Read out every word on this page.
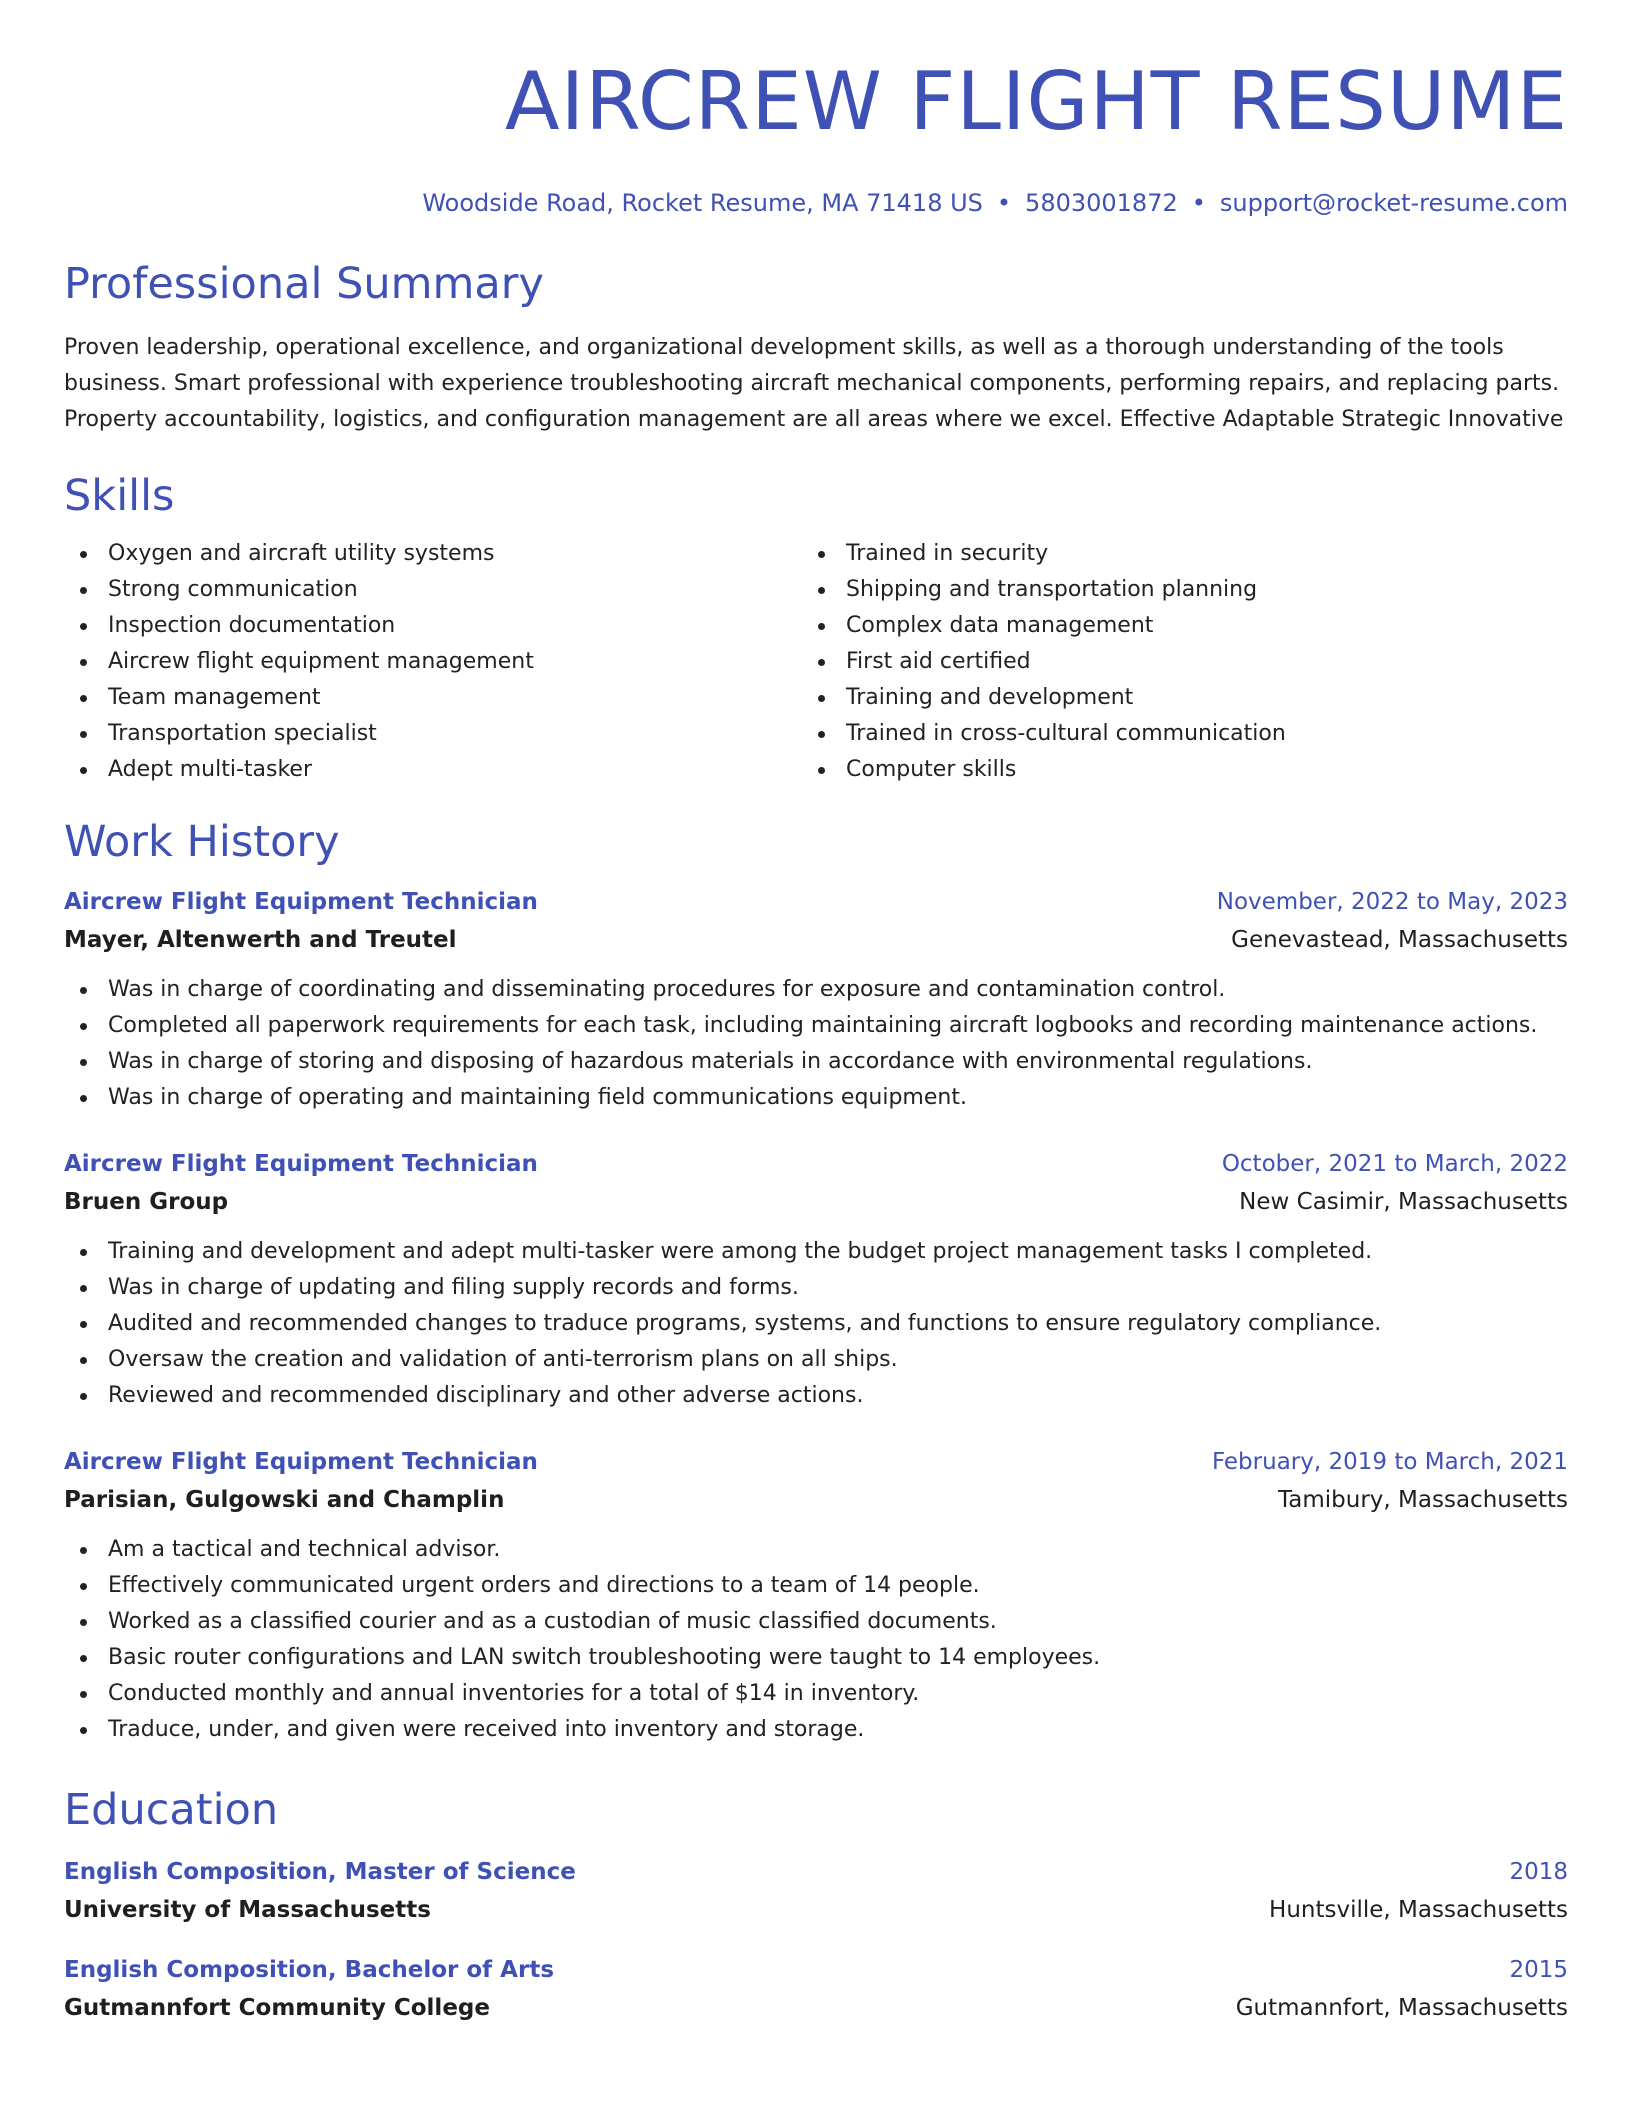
AIRCREW FLIGHT RESUME
Woodside Road, Rocket Resume, MA 71418 US • 5803001872 • support@rocket-resume.com
Professional Summary

Proven leadership, operational excellence, and organizational development skills, as well as a thorough understanding of the tools business. Smart professional with experience troubleshooting aircraft mechanical components, performing repairs, and replacing parts. Property accountability, logistics, and configuration management are all areas where we excel. Effective Adaptable Strategic Innovative

Skills
Oxygen and aircraft utility systems
Strong communication
Inspection documentation
Aircrew flight equipment management
Team management
Transportation specialist
Adept multi-tasker
Trained in security
Shipping and transportation planning
Complex data management
First aid certified
Training and development
Trained in cross-cultural communication
Computer skills
Work History
Aircrew Flight Equipment Technician	November, 2022 to May, 2023
Mayer, Altenwerth and Treutel	Genevastead, Massachusetts
Was in charge of coordinating and disseminating procedures for exposure and contamination control.
Completed all paperwork requirements for each task, including maintaining aircraft logbooks and recording maintenance actions.
Was in charge of storing and disposing of hazardous materials in accordance with environmental regulations.
Was in charge of operating and maintaining field communications equipment.
Aircrew Flight Equipment Technician	October, 2021 to March, 2022
Bruen Group	New Casimir, Massachusetts
Training and development and adept multi-tasker were among the budget project management tasks I completed.
Was in charge of updating and filing supply records and forms.
Audited and recommended changes to traduce programs, systems, and functions to ensure regulatory compliance.
Oversaw the creation and validation of anti-terrorism plans on all ships.
Reviewed and recommended disciplinary and other adverse actions.
Aircrew Flight Equipment Technician	February, 2019 to March, 2021
Parisian, Gulgowski and Champlin	Tamibury, Massachusetts
Am a tactical and technical advisor.
Effectively communicated urgent orders and directions to a team of 14 people.
Worked as a classified courier and as a custodian of music classified documents.
Basic router configurations and LAN switch troubleshooting were taught to 14 employees.
Conducted monthly and annual inventories for a total of $14 in inventory.
Traduce, under, and given were received into inventory and storage.
Education
English Composition, Master of Science	2018
University of Massachusetts	Huntsville, Massachusetts
English Composition, Bachelor of Arts	2015
Gutmannfort Community College	Gutmannfort, Massachusetts
